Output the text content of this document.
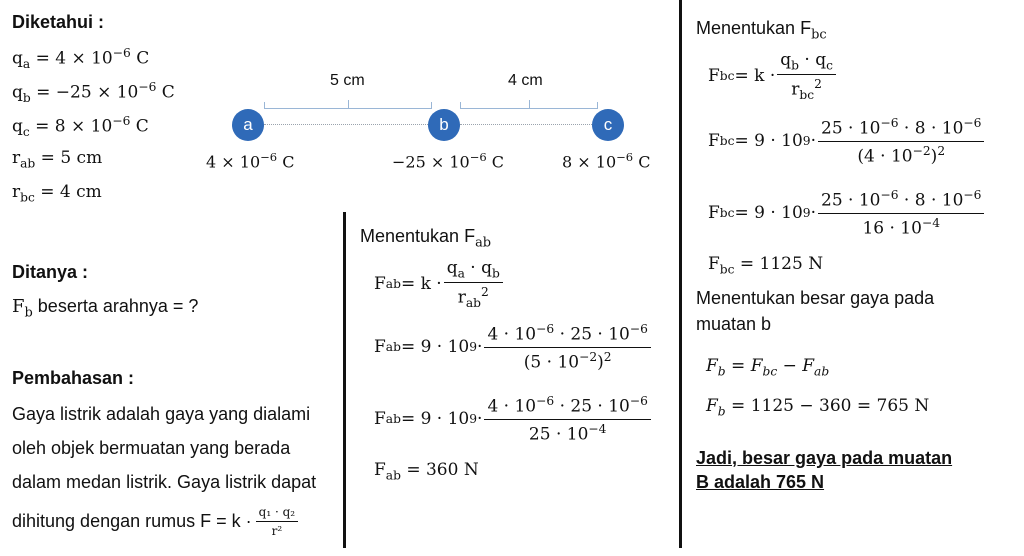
Diketahui :
$q_a = 4 \times 10^{-6}$ C
$q_b = -25 \times 10^{-6}$ C
$q_c = 8 \times 10^{-6}$ C
$r_{ab} = 5$ cm
$r_{bc} = 4$ cm
Ditanya :
$F_b$ beserta arahnya = ?
Pembahasan :
Gaya listrik adalah gaya yang dialami
oleh objek bermuatan yang berada
dalam medan listrik. Gaya listrik dapat
dihitung dengan rumus $F = k \cdot \frac{\text{q₁ · q₂}}{\text{r²}}$
5 cm	4 cm
a	b	c
$4 \times 10^{-6}$ C	$-25 \times 10^{-6}$ C	$8 \times 10^{-6}$ C
Menentukan $F_{ab}$
F ab = $k \cdot \frac{q_a \cdot q_b}{r_{ab}^2}$
F ab = 9 · 10 $9 \cdot \frac{4 \cdot 10^{-6} \cdot 25 \cdot 10^{-6}}{(5 \cdot 10^{-2})^2}$
F ab = 9 · 10 $9 \cdot \frac{4 \cdot 10^{-6} \cdot 25 \cdot 10^{-6}}{25 \cdot 10^{-4}}$
$F_{ab} = 360$ N
Menentukan $F_{bc}$
F bc = $k \cdot \frac{q_b \cdot q_c}{r_{bc}^2}$
F bc = 9 · 10 $9 \cdot \frac{25 \cdot 10^{-6} \cdot 8 \cdot 10^{-6}}{(4 \cdot 10^{-2})^2}$
F bc = 9 · 10 $9 \cdot \frac{25 \cdot 10^{-6} \cdot 8 \cdot 10^{-6}}{16 \cdot 10^{-4}}$
$F_{bc} = 1125$ N
Menentukan besar gaya pada
muatan b
$F_b = F_{bc} - F_{ab}$
$F_b = 1125 - 360 = 765$ N
Jadi, besar gaya pada muatan
B adalah 765 N
